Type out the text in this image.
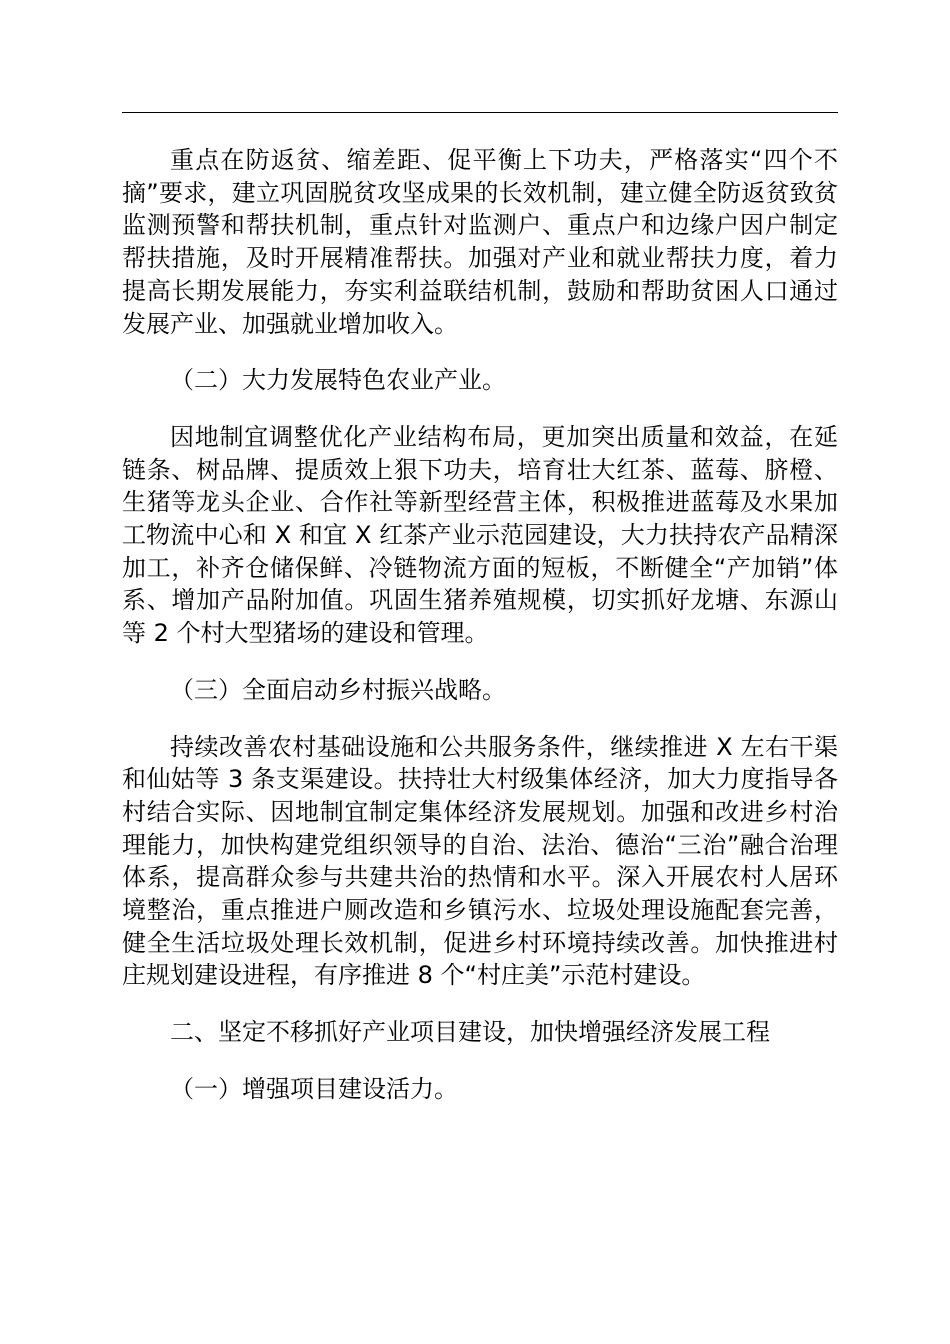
重点在防返贫、缩差距、促平衡上下功夫，严格落实“四个不摘”要求，建立巩固脱贫攻坚成果的长效机制，建立健全防返贫致贫监测预警和帮扶机制，重点针对监测户、重点户和边缘户因户制定帮扶措施，及时开展精准帮扶。加强对产业和就业帮扶力度，着力提高长期发展能力，夯实利益联结机制，鼓励和帮助贫困人口通过发展产业、加强就业增加收入。

（二）大力发展特色农业产业。

因地制宜调整优化产业结构布局，更加突出质量和效益，在延链条、树品牌、提质效上狠下功夫，培育壮大红茶、蓝莓、脐橙、生猪等龙头企业、合作社等新型经营主体，积极推进蓝莓及水果加工物流中心和 X 和宜 X 红茶产业示范园建设，大力扶持农产品精深加工，补齐仓储保鲜、冷链物流方面的短板，不断健全“产加销”体系、增加产品附加值。巩固生猪养殖规模，切实抓好龙塘、东源山等 2 个村大型猪场的建设和管理。

（三）全面启动乡村振兴战略。

持续改善农村基础设施和公共服务条件，继续推进 X 左右干渠和仙姑等 3 条支渠建设。扶持壮大村级集体经济，加大力度指导各村结合实际、因地制宜制定集体经济发展规划。加强和改进乡村治理能力，加快构建党组织领导的自治、法治、德治“三治”融合治理体系，提高群众参与共建共治的热情和水平。深入开展农村人居环境整治，重点推进户厕改造和乡镇污水、垃圾处理设施配套完善，健全生活垃圾处理长效机制，促进乡村环境持续改善。加快推进村庄规划建设进程，有序推进 8 个“村庄美”示范村建设。

二、坚定不移抓好产业项目建设，加快增强经济发展工程

（一）增强项目建设活力。
